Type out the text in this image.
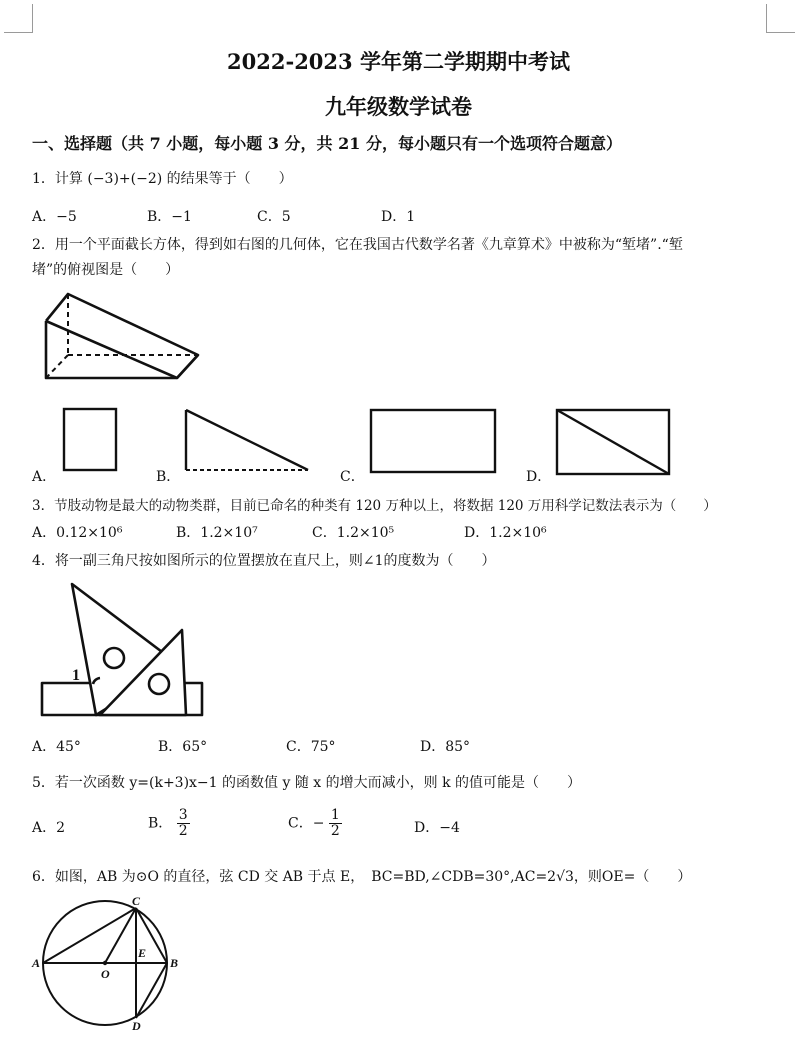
2022-2023 学年第二学期期中考试
九年级数学试卷
一、选择题（共 7 小题，每小题 3 分，共 21 分，每小题只有一个选项符合题意）
1．计算 (−3)+(−2) 的结果等于（　　）
A．−5	B．−1	C．5	D．1
2．用一个平面截长方体，得到如右图的几何体，它在我国古代数学名著《九章算术》中被称为“堑堵”.“堑
堵”的俯视图是（　　）
A．	B．	C．	D．
3．节肢动物是最大的动物类群，目前已命名的种类有 120 万种以上，将数据 120 万用科学记数法表示为（　　）
A．0.12×10⁶	B．1.2×10⁷	C．1.2×10⁵	D．1.2×10⁶
4．将一副三角尺按如图所示的位置摆放在直尺上，则∠1的度数为（　　）
1
A．45°	B．65°	C．75°	D．85°
5．若一次函数 y=(k+3)x−1 的函数值 y 随 x 的增大而减小，则 k 的值可能是（　　）
A．2	B． $\frac{3}{2}$	C．− $\frac{1}{2}$	D．−4
6．如图，AB 为⊙O 的直径，弦 CD 交 AB 于点 E，　BC=BD,∠CDB=30°,AC=2√3，则OE=（　　）
A	B
C
D
E
O
